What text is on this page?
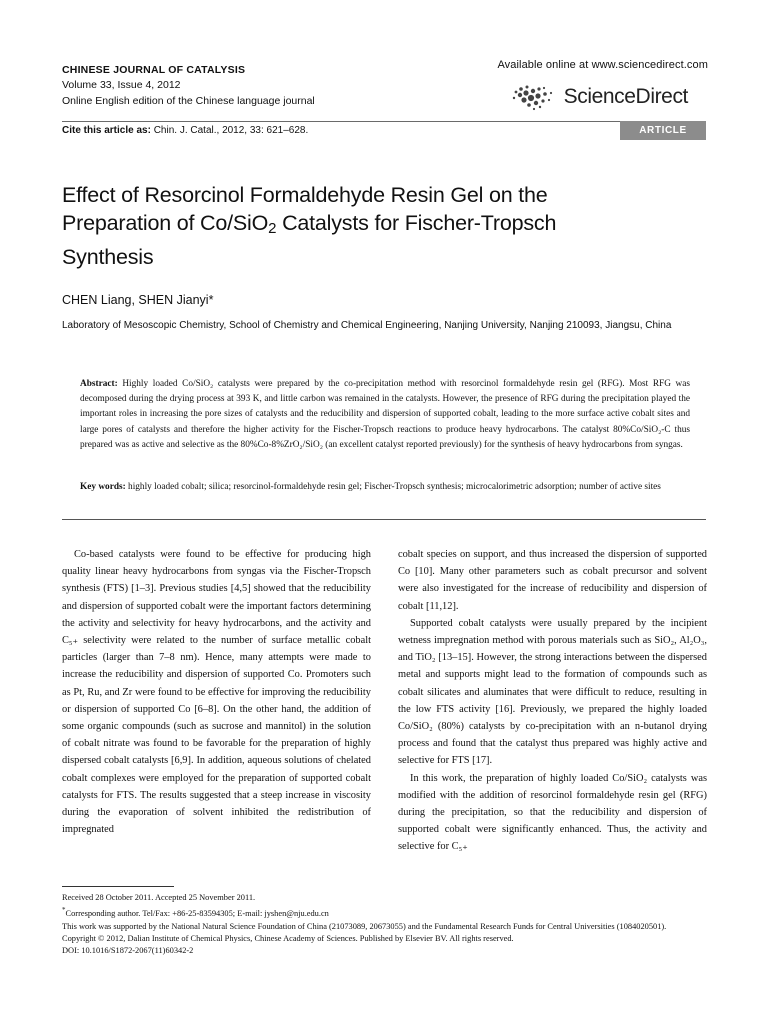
CHINESE JOURNAL OF CATALYSIS
Volume 33, Issue 4, 2012
Online English edition of the Chinese language journal
Available online at www.sciencedirect.com
ScienceDirect
Cite this article as: Chin. J. Catal., 2012, 33: 621–628.	ARTICLE
Effect of Resorcinol Formaldehyde Resin Gel on the
Preparation of Co/SiO$_2$ Catalysts for Fischer-Tropsch
Synthesis
CHEN Liang, SHEN Jianyi*
Laboratory of Mesoscopic Chemistry, School of Chemistry and Chemical Engineering, Nanjing University, Nanjing 210093, Jiangsu, China
Abstract: Highly loaded Co/SiO₂ catalysts were prepared by the co-precipitation method with resorcinol formaldehyde resin gel (RFG). Most RFG was decomposed during the drying process at 393 K, and little carbon was remained in the catalysts. However, the presence of RFG during the precipitation played the important roles in increasing the pore sizes of catalysts and the reducibility and dispersion of supported cobalt, leading to the more surface active cobalt sites and large pores of catalysts and therefore the higher activity for the Fischer-Tropsch reactions to produce heavy hydrocarbons. The catalyst 80%Co/SiO₂-C thus prepared was as active and selective as the 80%Co-8%ZrO₂/SiO₂ (an excellent catalyst reported previously) for the synthesis of heavy hydrocarbons from syngas.
Key words: highly loaded cobalt; silica; resorcinol-formaldehyde resin gel; Fischer-Tropsch synthesis; microcalorimetric adsorption; number of active sites

Co-based catalysts were found to be effective for producing high quality linear heavy hydrocarbons from syngas via the Fischer-Tropsch synthesis (FTS) [1–3]. Previous studies [4,5] showed that the reducibility and dispersion of supported cobalt were the important factors determining the activity and selectivity for heavy hydrocarbons, and the activity and C₅₊ selectivity were related to the number of surface metallic cobalt particles (larger than 7–8 nm). Hence, many attempts were made to increase the reducibility and dispersion of supported Co. Promoters such as Pt, Ru, and Zr were found to be effective for improving the reducibility or dispersion of supported Co [6–8]. On the other hand, the addition of some organic compounds (such as sucrose and mannitol) in the solution of cobalt nitrate was found to be favorable for the preparation of highly dispersed cobalt catalysts [6,9]. In addition, aqueous solutions of chelated cobalt complexes were employed for the preparation of supported cobalt catalysts for FTS. The results suggested that a steep increase in viscosity during the evaporation of solvent inhibited the redistribution of impregnated

cobalt species on support, and thus increased the dispersion of supported Co [10]. Many other parameters such as cobalt precursor and solvent were also investigated for the increase of reducibility and dispersion of cobalt [11,12].

Supported cobalt catalysts were usually prepared by the incipient wetness impregnation method with porous materials such as SiO₂, Al₂O₃, and TiO₂ [13–15]. However, the strong interactions between the dispersed metal and supports might lead to the formation of compounds such as cobalt silicates and aluminates that were difficult to reduce, resulting in the low FTS activity [16]. Previously, we prepared the highly loaded Co/SiO₂ (80%) catalysts by co-precipitation with an n-butanol drying process and found that the catalyst thus prepared was highly active and selective for FTS [17].

In this work, the preparation of highly loaded Co/SiO₂ catalysts was modified with the addition of resorcinol formaldehyde resin gel (RFG) during the precipitation, so that the reducibility and dispersion of supported cobalt were significantly enhanced. Thus, the activity and selective for C₅₊

Received 28 October 2011. Accepted 25 November 2011.
*Corresponding author. Tel/Fax: +86-25-83594305; E-mail: jyshen@nju.edu.cn
This work was supported by the National Natural Science Foundation of China (21073089, 20673055) and the Fundamental Research Funds for Central Universities (1084020501).
Copyright © 2012, Dalian Institute of Chemical Physics, Chinese Academy of Sciences. Published by Elsevier BV. All rights reserved.
DOI: 10.1016/S1872-2067(11)60342-2
